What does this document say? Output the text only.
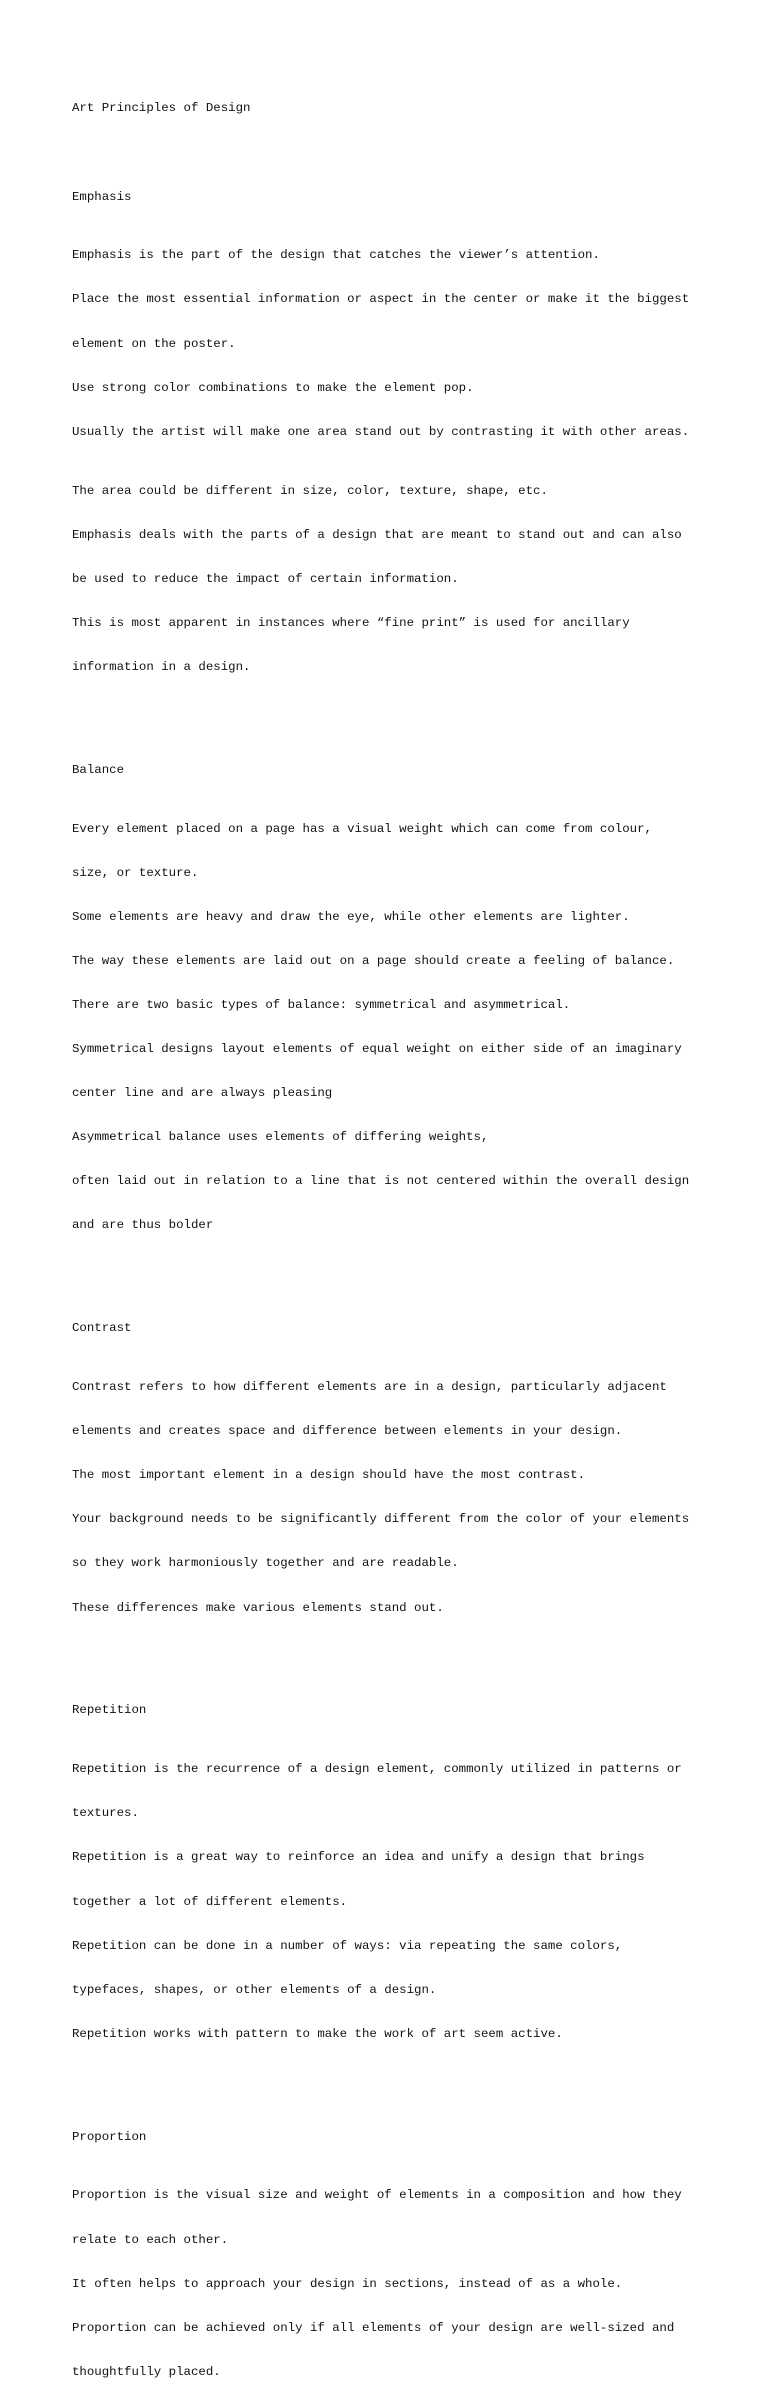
Art Principles of Design

Emphasis

Emphasis is the part of the design that catches the viewer’s attention.

Place the most essential information or aspect in the center or make it the biggest

element on the poster.

Use strong color combinations to make the element pop.

Usually the artist will make one area stand out by contrasting it with other areas.

The area could be different in size, color, texture, shape, etc.

Emphasis deals with the parts of a design that are meant to stand out and can also

be used to reduce the impact of certain information.

This is most apparent in instances where “fine print” is used for ancillary

information in a design.

Balance

Every element placed on a page has a visual weight which can come from colour,

size, or texture.

Some elements are heavy and draw the eye, while other elements are lighter.

The way these elements are laid out on a page should create a feeling of balance.

There are two basic types of balance: symmetrical and asymmetrical.

Symmetrical designs layout elements of equal weight on either side of an imaginary

center line and are always pleasing

Asymmetrical balance uses elements of differing weights,

often laid out in relation to a line that is not centered within the overall design

and are thus bolder

Contrast

Contrast refers to how different elements are in a design, particularly adjacent

elements and creates space and difference between elements in your design.

The most important element in a design should have the most contrast.

Your background needs to be significantly different from the color of your elements

so they work harmoniously together and are readable.

These differences make various elements stand out.

Repetition

Repetition is the recurrence of a design element, commonly utilized in patterns or

textures.

Repetition is a great way to reinforce an idea and unify a design that brings

together a lot of different elements.

Repetition can be done in a number of ways: via repeating the same colors,

typefaces, shapes, or other elements of a design.

Repetition works with pattern to make the work of art seem active.

Proportion

Proportion is the visual size and weight of elements in a composition and how they

relate to each other.

It often helps to approach your design in sections, instead of as a whole.

Proportion can be achieved only if all elements of your design are well-sized and

thoughtfully placed.
